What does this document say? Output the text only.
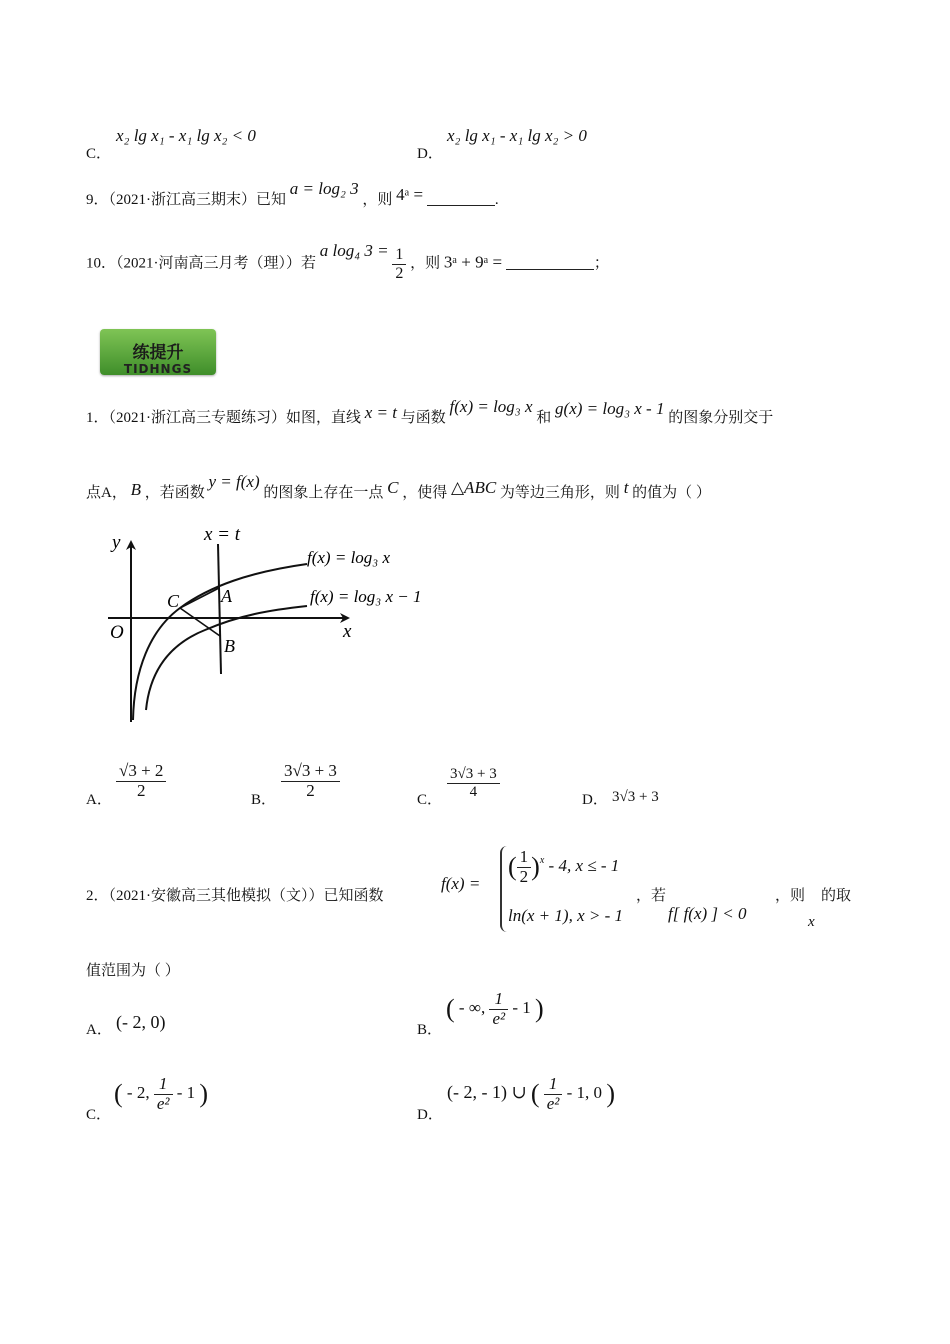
C．
x₂ lg x₁ - x₁ lg x₂ < 0
D．
x₂ lg x₁ - x₁ lg x₂ > 0
9．（2021·浙江高三期末）已知 a = log₂ 3 ，则 4ᵃ =	.
10．（2021·河南高三月考（理））若 a log₄ $3 = \frac{1}{2}$ ，则 3ᵃ + 9ᵃ =	；
练提升
TIDHNGS
1．（2021·浙江高三专题练习）如图，直线 x = t 与函数 f(x) = log₃ x 和 g(x) = log₃ x - 1 的图象分别交于
点A， B ，若函数 y = f(x) 的图象上存在一点 C ，使得 △ABC 为等边三角形，则 t 的值为（ ）
y
x
O
x = t
A
B
C
f(x) = log₃ x
f(x) = log₃ x − 1
A． $\frac{√3 + 2}{2}$	B． $\frac{3√3 + 3}{2}$	C． $\frac{3√3 + 3}{4}$	D． 3√3 + 3
2．（2021·安徽高三其他模拟（文））已知函数
f(x) =
( $\frac{1}{2} )^x - 4$, x ≤ - 1
ln(x + 1), x > - 1
，若
f[ f(x) ] < 0
，则
x
的取
值范围为（ ）
A． (- 2, 0)	B．
( - ∞, $\frac{1}{\text{e²}} - 1$ )
C．
( - 2, $\frac{1}{\text{e²}} - 1$ )
D．
(- 2, - 1) ∪ ( $\frac{1}{\text{e²}} - 1$, 0 )
